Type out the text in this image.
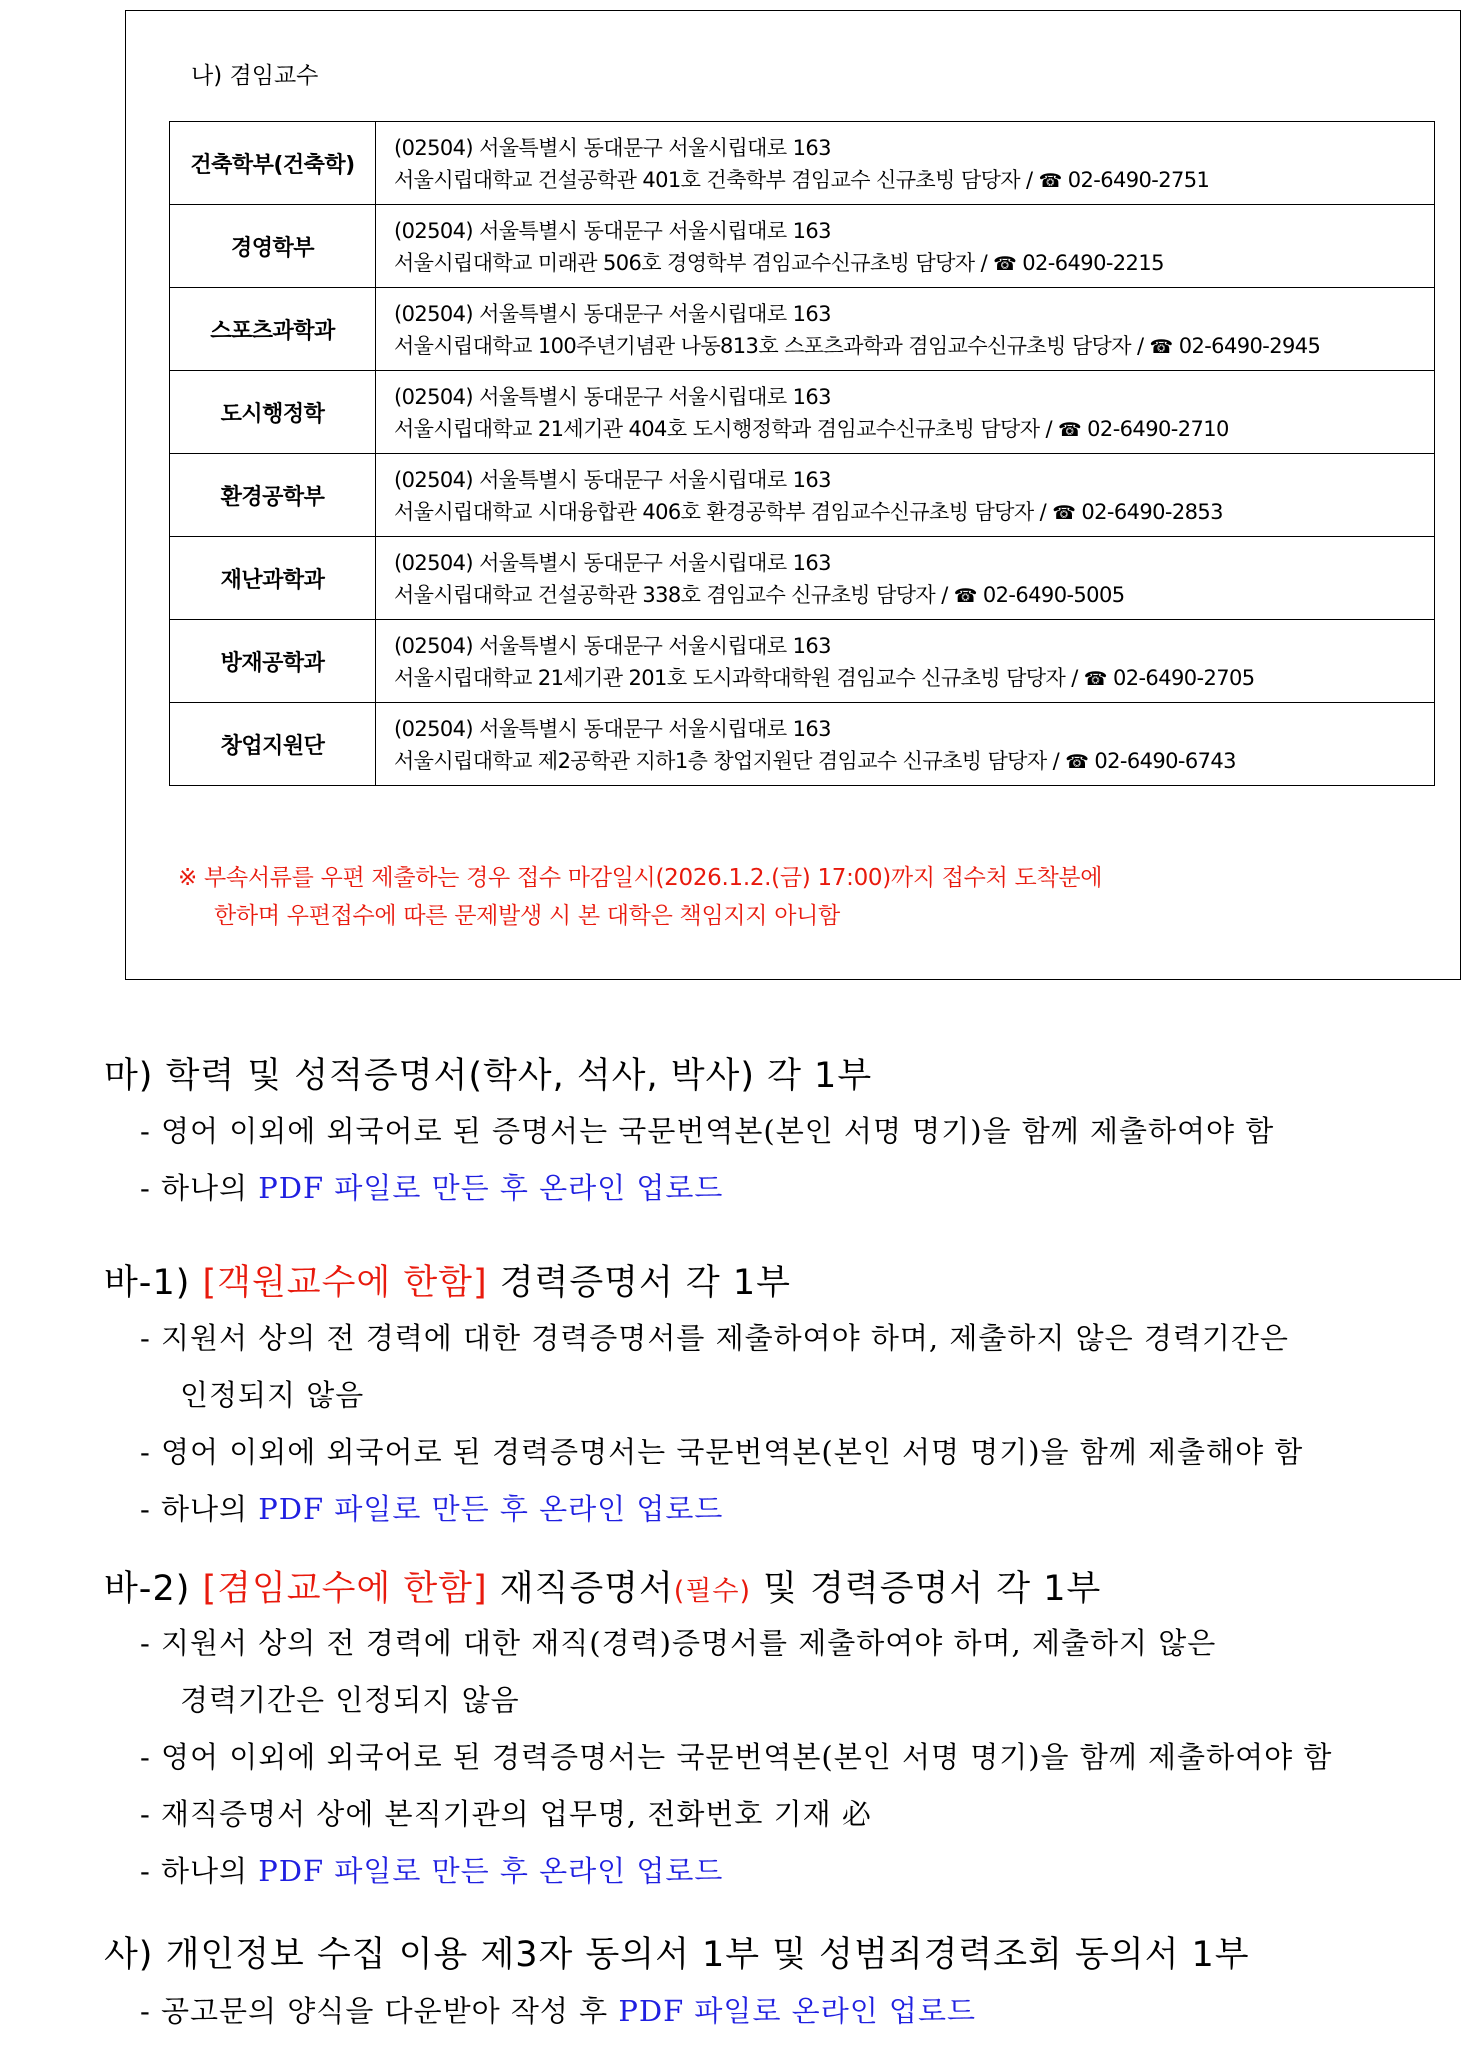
나) 겸임교수
건축학부(건축학)	(02504) 서울특별시 동대문구 서울시립대로 163
서울시립대학교 건설공학관 401호 건축학부 겸임교수 신규초빙 담당자 / ☎ 02-6490-2751

경영학부	(02504) 서울특별시 동대문구 서울시립대로 163
서울시립대학교 미래관 506호 경영학부 겸임교수신규초빙 담당자 / ☎ 02-6490-2215

스포츠과학과	(02504) 서울특별시 동대문구 서울시립대로 163
서울시립대학교 100주년기념관 나동813호 스포츠과학과 겸임교수신규초빙 담당자 / ☎ 02-6490-2945

도시행정학	(02504) 서울특별시 동대문구 서울시립대로 163
서울시립대학교 21세기관 404호 도시행정학과 겸임교수신규초빙 담당자 / ☎ 02-6490-2710

환경공학부	(02504) 서울특별시 동대문구 서울시립대로 163
서울시립대학교 시대융합관 406호 환경공학부 겸임교수신규초빙 담당자 / ☎ 02-6490-2853

재난과학과	(02504) 서울특별시 동대문구 서울시립대로 163
서울시립대학교 건설공학관 338호 겸임교수 신규초빙 담당자 / ☎ 02-6490-5005

방재공학과	(02504) 서울특별시 동대문구 서울시립대로 163
서울시립대학교 21세기관 201호 도시과학대학원 겸임교수 신규초빙 담당자 / ☎ 02-6490-2705

창업지원단	(02504) 서울특별시 동대문구 서울시립대로 163
서울시립대학교 제2공학관 지하1층 창업지원단 겸임교수 신규초빙 담당자 / ☎ 02-6490-6743
※ 부속서류를 우편 제출하는 경우 접수 마감일시(2026.1.2.(금) 17:00)까지 접수처 도착분에
한하며 우편접수에 따른 문제발생 시 본 대학은 책임지지 아니함
마) 학력 및 성적증명서(학사, 석사, 박사) 각 1부
- 영어 이외에 외국어로 된 증명서는 국문번역본(본인 서명 명기)을 함께 제출하여야 함
- 하나의 PDF 파일로 만든 후 온라인 업로드
바-1) [객원교수에 한함] 경력증명서 각 1부
- 지원서 상의 전 경력에 대한 경력증명서를 제출하여야 하며, 제출하지 않은 경력기간은
인정되지 않음
- 영어 이외에 외국어로 된 경력증명서는 국문번역본(본인 서명 명기)을 함께 제출해야 함
- 하나의 PDF 파일로 만든 후 온라인 업로드
바-2) [겸임교수에 한함] 재직증명서(필수) 및 경력증명서 각 1부
- 지원서 상의 전 경력에 대한 재직(경력)증명서를 제출하여야 하며, 제출하지 않은
경력기간은 인정되지 않음
- 영어 이외에 외국어로 된 경력증명서는 국문번역본(본인 서명 명기)을 함께 제출하여야 함
- 재직증명서 상에 본직기관의 업무명, 전화번호 기재 必
- 하나의 PDF 파일로 만든 후 온라인 업로드
사) 개인정보 수집 이용 제3자 동의서 1부 및 성범죄경력조회 동의서 1부
- 공고문의 양식을 다운받아 작성 후 PDF 파일로 온라인 업로드
